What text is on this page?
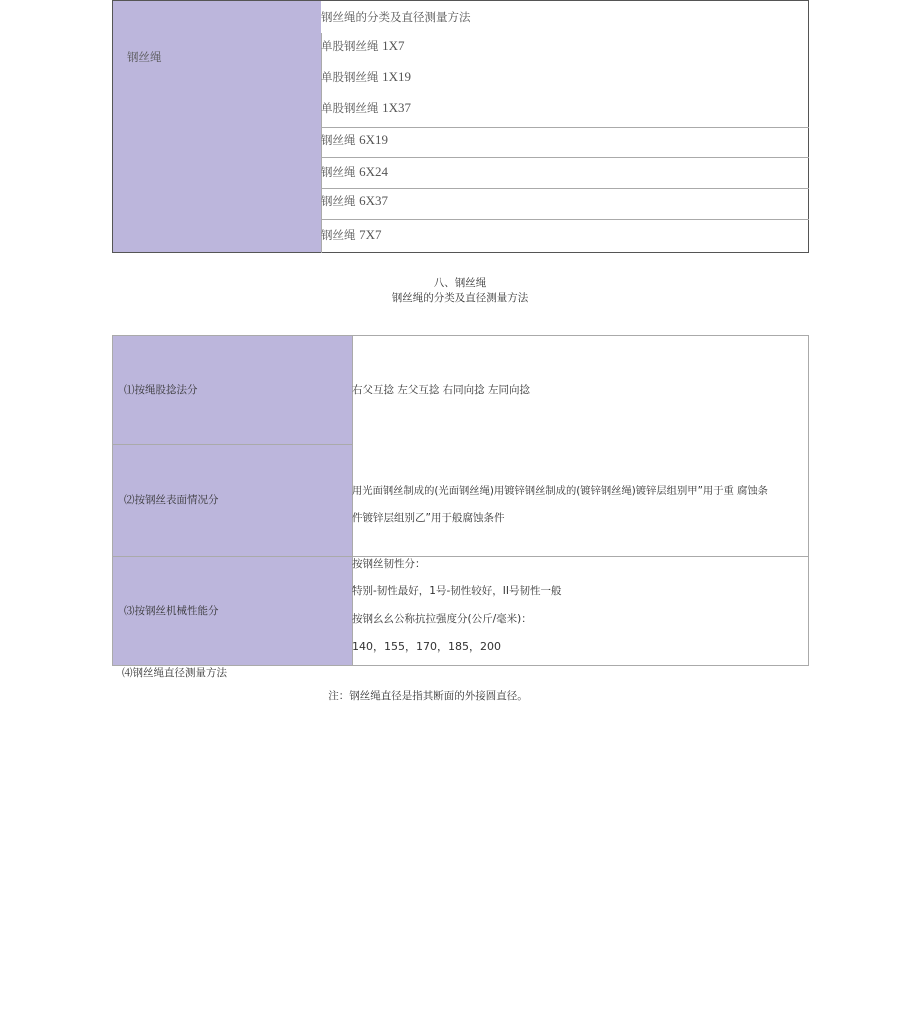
钢丝绳
钢丝绳的分类及直径测量方法
单股钢丝绳 1X7
单股钢丝绳 1X19
单股钢丝绳 1X37
钢丝绳 6X19
钢丝绳 6X24
钢丝绳 6X37
钢丝绳 7X7
八、钢丝绳
钢丝绳的分类及直径测量方法
⑴按绳股捻法分	右父互捻 左父互捻 右同向捻 左同向捻
⑵按钢丝表面情况分
用光面钢丝制成的(光面钢丝绳)用镀锌钢丝制成的(镀锌钢丝绳)镀锌层组别甲”用于重 腐蚀条
件镀锌层组别乙”用于般腐蚀条件
⑶按钢丝机械性能分
按钢丝韧性分：
特别-韧性最好，1号-韧性较好，II号韧性一般
按钢幺幺公称抗拉强度分(公斤/毫米)：
140，155，170，185，200
⑷钢丝绳直径测量方法
注：钢丝绳直径是指其断面的外接圆直径。
